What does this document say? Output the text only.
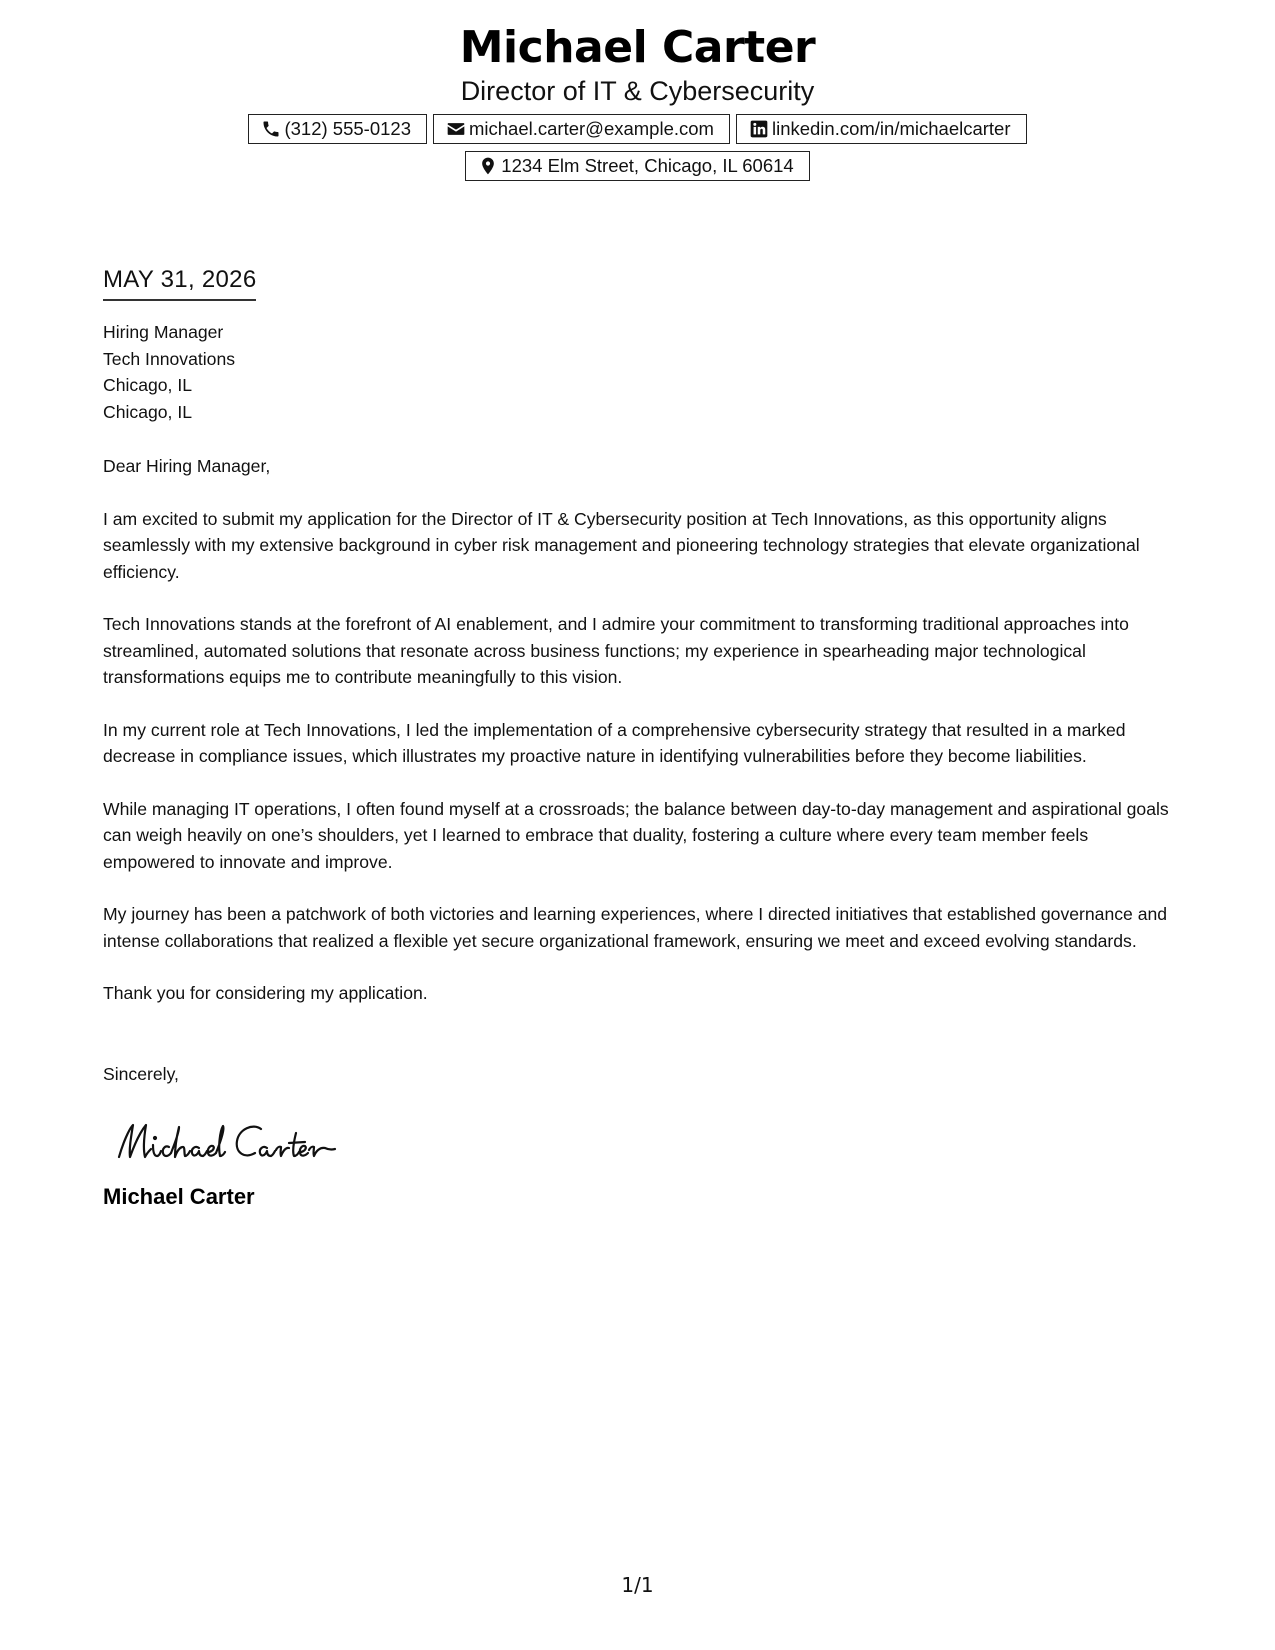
Michael Carter
Director of IT & Cybersecurity
(312) 555-0123	michael.carter@example.com	linkedin.com/in/michaelcarter
1234 Elm Street, Chicago, IL 60614
MAY 31, 2026
Hiring Manager
Tech Innovations
Chicago, IL
Chicago, IL
Dear Hiring Manager,
I am excited to submit my application for the Director of IT & Cybersecurity position at Tech Innovations, as this opportunity aligns seamlessly with my extensive background in cyber risk management and pioneering technology strategies that elevate organizational efficiency.
Tech Innovations stands at the forefront of AI enablement, and I admire your commitment to transforming traditional approaches into streamlined, automated solutions that resonate across business functions; my experience in spearheading major technological transformations equips me to contribute meaningfully to this vision.
In my current role at Tech Innovations, I led the implementation of a comprehensive cybersecurity strategy that resulted in a marked decrease in compliance issues, which illustrates my proactive nature in identifying vulnerabilities before they become liabilities.
While managing IT operations, I often found myself at a crossroads; the balance between day-to-day management and aspirational goals can weigh heavily on one’s shoulders, yet I learned to embrace that duality, fostering a culture where every team member feels empowered to innovate and improve.
My journey has been a patchwork of both victories and learning experiences, where I directed initiatives that established governance and intense collaborations that realized a flexible yet secure organizational framework, ensuring we meet and exceed evolving standards.
Thank you for considering my application.
Sincerely,
Michael Carter
1/1
